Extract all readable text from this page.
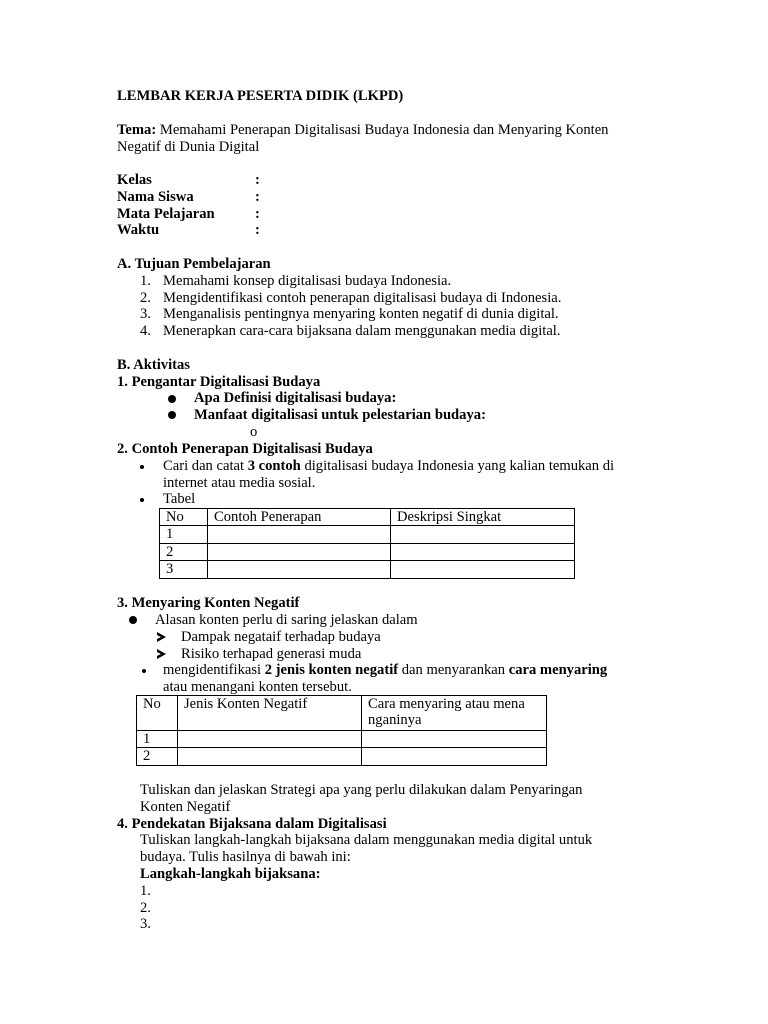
LEMBAR KERJA PESERTA DIDIK (LKPD)
Tema: Memahami Penerapan Digitalisasi Budaya Indonesia dan Menyaring Konten
Negatif di Dunia Digital
Kelas	:
Nama Siswa	:
Mata Pelajaran	:
Waktu	:
A. Tujuan Pembelajaran
1. Memahami konsep digitalisasi budaya Indonesia.
2. Mengidentifikasi contoh penerapan digitalisasi budaya di Indonesia.
3. Menganalisis pentingnya menyaring konten negatif di dunia digital.
4. Menerapkan cara-cara bijaksana dalam menggunakan media digital.
B. Aktivitas
1. Pengantar Digitalisasi Budaya
Apa Definisi digitalisasi budaya:
Manfaat digitalisasi untuk pelestarian budaya:
o
2. Contoh Penerapan Digitalisasi Budaya
Cari dan catat 3 contoh digitalisasi budaya Indonesia yang kalian temukan di
internet atau media sosial.
Tabel
No	Contoh Penerapan	Deskripsi Singkat
1		
2		
3		
3. Menyaring Konten Negatif
Alasan konten perlu di saring jelaskan dalam
Dampak negataif terhadap budaya
Risiko terhapad generasi muda
mengidentifikasi 2 jenis konten negatif dan menyarankan cara menyaring
atau menangani konten tersebut.
No	Jenis Konten Negatif	Cara menyaring atau mena nganinya
1		
2		
Tuliskan dan jelaskan Strategi apa yang perlu dilakukan dalam Penyaringan
Konten Negatif
4. Pendekatan Bijaksana dalam Digitalisasi
Tuliskan langkah-langkah bijaksana dalam menggunakan media digital untuk
budaya. Tulis hasilnya di bawah ini:
Langkah-langkah bijaksana:
1.
2.
3.
